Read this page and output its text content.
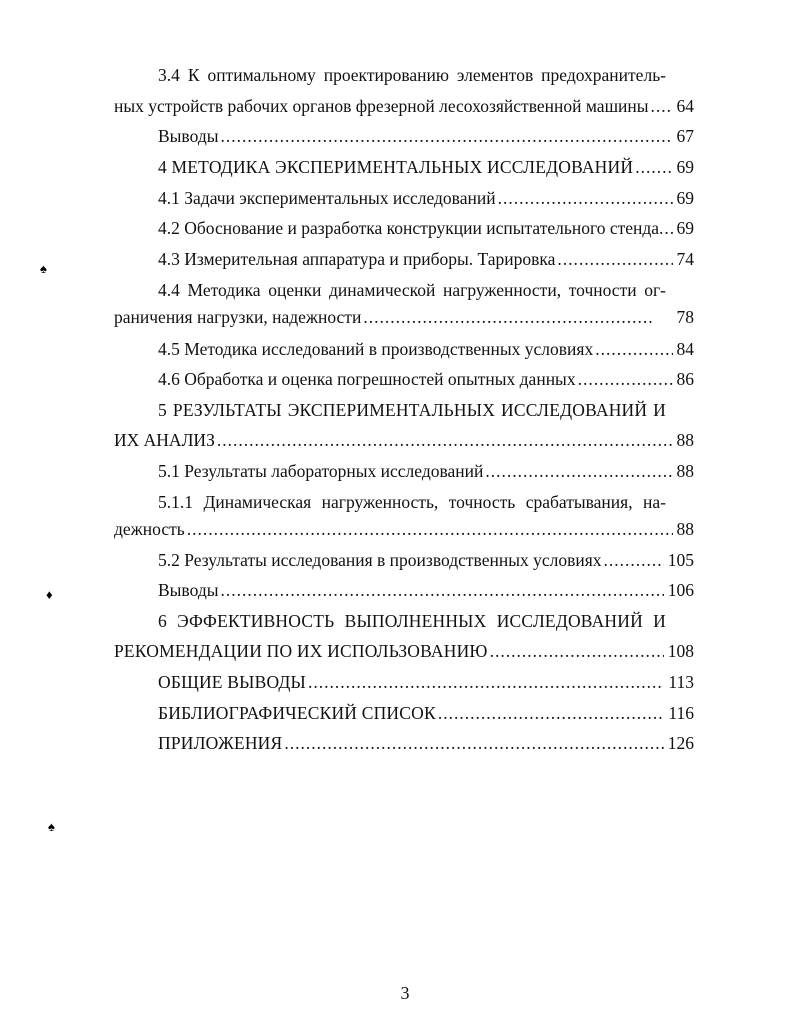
3.4 К оптимальному проектированию элементов предохранитель-
ных устройств рабочих органов фрезерной лесохозяйственной машины ..... 64
Выводы .....	67
4 МЕТОДИКА ЭКСПЕРИМЕНТАЛЬНЫХ ИССЛЕДОВАНИЙ ..... 69
4.1 Задачи экспериментальных исследований .....	69
4.2 Обоснование и разработка конструкции испытательного стенда ..... 69
4.3 Измерительная аппаратура и приборы. Тарировка .....	74
4.4 Методика оценки динамической нагруженности, точности ог-
раничения нагрузки, надежности .....	78
4.5 Методика исследований в производственных условиях .....	84
4.6 Обработка и оценка погрешностей опытных данных .....	86
5 РЕЗУЛЬТАТЫ ЭКСПЕРИМЕНТАЛЬНЫХ ИССЛЕДОВАНИЙ И
ИХ АНАЛИЗ .....	88
5.1 Результаты лабораторных исследований .....	88
5.1.1 Динамическая нагруженность, точность срабатывания, на-
дежность .....	88
5.2 Результаты исследования в производственных условиях .....	105
Выводы .....	106
6 ЭФФЕКТИВНОСТЬ ВЫПОЛНЕННЫХ ИССЛЕДОВАНИЙ И
РЕКОМЕНДАЦИИ ПО ИХ ИСПОЛЬЗОВАНИЮ .....	108
ОБЩИЕ ВЫВОДЫ .....	113
БИБЛИОГРАФИЧЕСКИЙ СПИСОК .....	116
ПРИЛОЖЕНИЯ .....	126
♠
♦
♠
3
